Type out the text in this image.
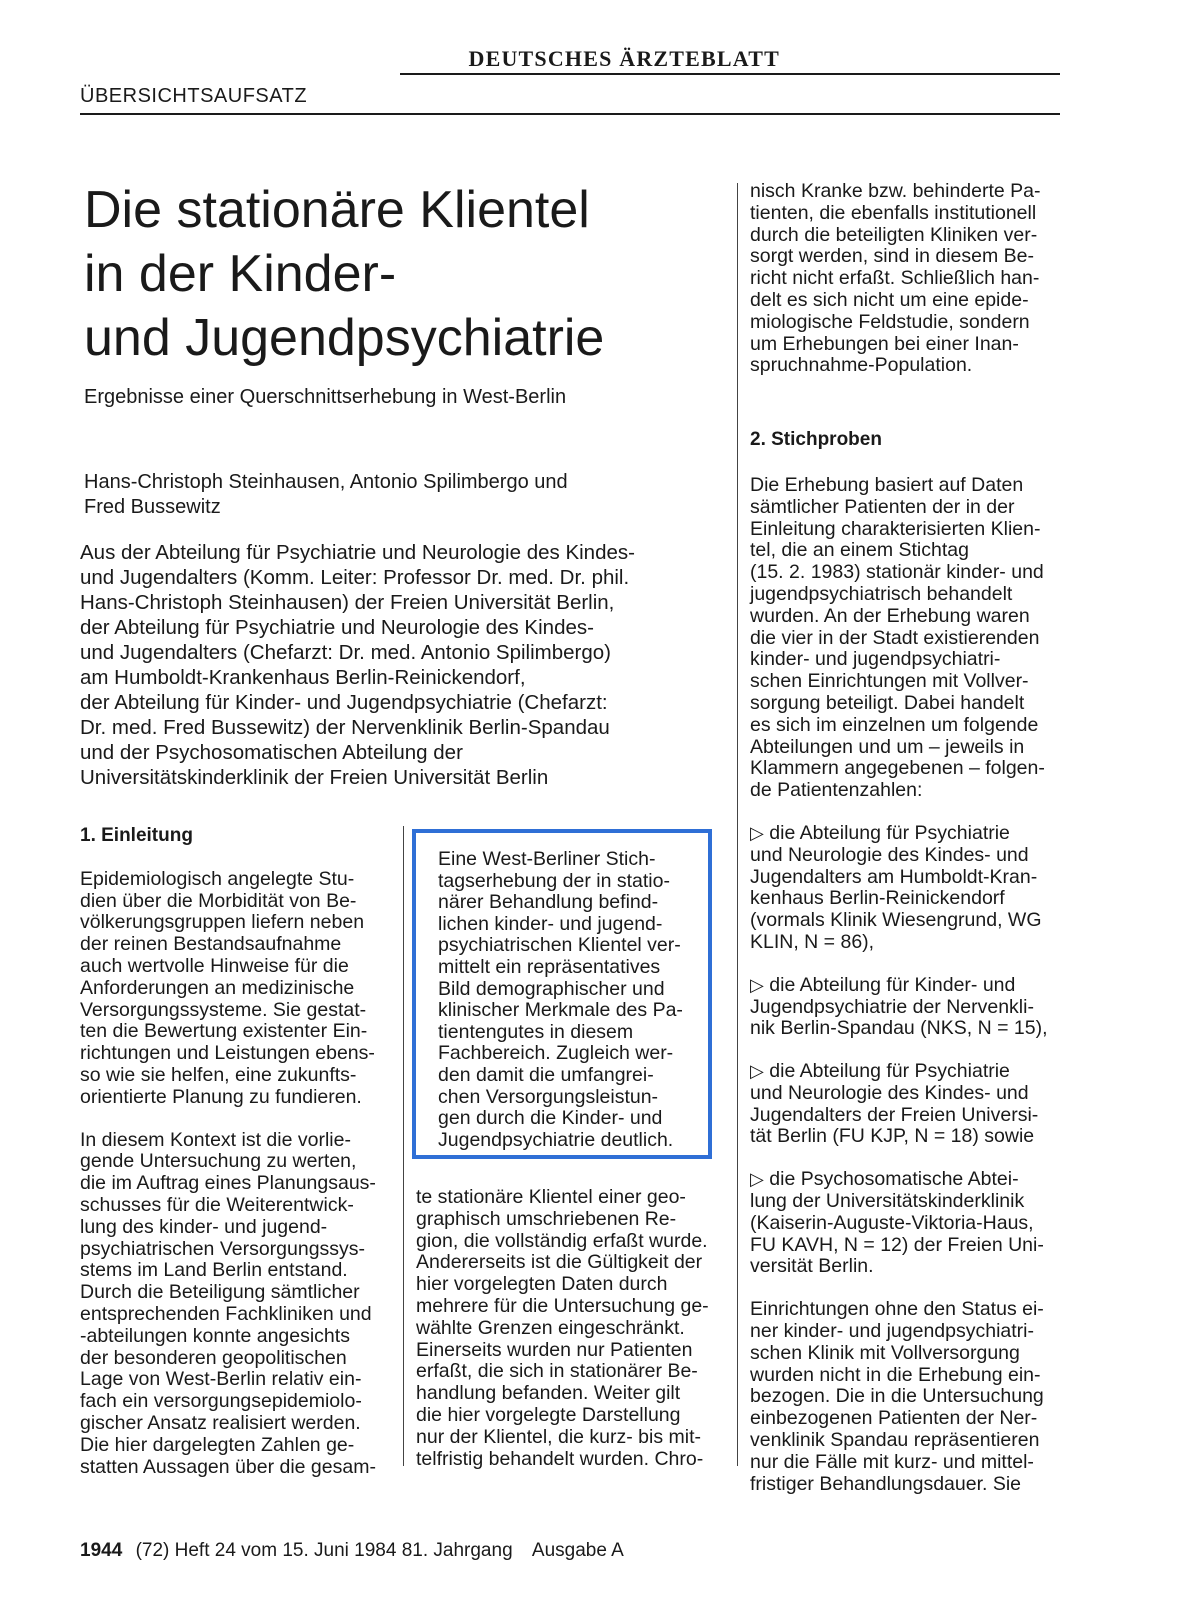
DEUTSCHES ÄRZTEBLATT
ÜBERSICHTSAUFSATZ
Die stationäre Klientel
in der Kinder-
und Jugendpsychiatrie
Ergebnisse einer Querschnittserhebung in West-Berlin
Hans-Christoph Steinhausen, Antonio Spilimbergo und
Fred Bussewitz
Aus der Abteilung für Psychiatrie und Neurologie des Kindes-
und Jugendalters (Komm. Leiter: Professor Dr. med. Dr. phil.
Hans-Christoph Steinhausen) der Freien Universität Berlin,
der Abteilung für Psychiatrie und Neurologie des Kindes-
und Jugendalters (Chefarzt: Dr. med. Antonio Spilimbergo)
am Humboldt-Krankenhaus Berlin-Reinickendorf,
der Abteilung für Kinder- und Jugendpsychiatrie (Chefarzt:
Dr. med. Fred Bussewitz) der Nervenklinik Berlin-Spandau
und der Psychosomatischen Abteilung der
Universitätskinderklinik der Freien Universität Berlin
1. Einleitung

Epidemiologisch angelegte Stu-
dien über die Morbidität von Be-
völkerungsgruppen liefern neben
der reinen Bestandsaufnahme
auch wertvolle Hinweise für die
Anforderungen an medizinische
Versorgungssysteme. Sie gestat-
ten die Bewertung existenter Ein-
richtungen und Leistungen ebens-
so wie sie helfen, eine zukunfts-
orientierte Planung zu fundieren.

In diesem Kontext ist die vorlie-
gende Untersuchung zu werten,
die im Auftrag eines Planungsaus-
schusses für die Weiterentwick-
lung des kinder- und jugend-
psychiatrischen Versorgungssys-
stems im Land Berlin entstand.
Durch die Beteiligung sämtlicher
entsprechenden Fachkliniken und
-abteilungen konnte angesichts
der besonderen geopolitischen
Lage von West-Berlin relativ ein-
fach ein versorgungsepidemiolo-
gischer Ansatz realisiert werden.
Die hier dargelegten Zahlen ge-
statten Aussagen über die gesam-

Eine West-Berliner Stich-
tagserhebung der in statio-
närer Behandlung befind-
lichen kinder- und jugend-
psychiatrischen Klientel ver-
mittelt ein repräsentatives
Bild demographischer und
klinischer Merkmale des Pa-
tientengutes in diesem
Fachbereich. Zugleich wer-
den damit die umfangrei-
chen Versorgungsleistun-
gen durch die Kinder- und
Jugendpsychiatrie deutlich.

te stationäre Klientel einer geo-
graphisch umschriebenen Re-
gion, die vollständig erfaßt wurde.
Andererseits ist die Gültigkeit der
hier vorgelegten Daten durch
mehrere für die Untersuchung ge-
wählte Grenzen eingeschränkt.
Einerseits wurden nur Patienten
erfaßt, die sich in stationärer Be-
handlung befanden. Weiter gilt
die hier vorgelegte Darstellung
nur der Klientel, die kurz- bis mit-
telfristig behandelt wurden. Chro-

nisch Kranke bzw. behinderte Pa-
tienten, die ebenfalls institutionell
durch die beteiligten Kliniken ver-
sorgt werden, sind in diesem Be-
richt nicht erfaßt. Schließlich han-
delt es sich nicht um eine epide-
miologische Feldstudie, sondern
um Erhebungen bei einer Inan-
spruchnahme-Population.

2. Stichproben

Die Erhebung basiert auf Daten
sämtlicher Patienten der in der
Einleitung charakterisierten Klien-
tel, die an einem Stichtag
(15. 2. 1983) stationär kinder- und
jugendpsychiatrisch behandelt
wurden. An der Erhebung waren
die vier in der Stadt existierenden
kinder- und jugendpsychiatri-
schen Einrichtungen mit Vollver-
sorgung beteiligt. Dabei handelt
es sich im einzelnen um folgende
Abteilungen und um – jeweils in
Klammern angegebenen – folgen-
de Patientenzahlen:

▷ die Abteilung für Psychiatrie
und Neurologie des Kindes- und
Jugendalters am Humboldt-Kran-
kenhaus Berlin-Reinickendorf
(vormals Klinik Wiesengrund, WG
KLIN, N = 86),

▷ die Abteilung für Kinder- und
Jugendpsychiatrie der Nervenkli-
nik Berlin-Spandau (NKS, N = 15),

▷ die Abteilung für Psychiatrie
und Neurologie des Kindes- und
Jugendalters der Freien Universi-
tät Berlin (FU KJP, N = 18) sowie

▷ die Psychosomatische Abtei-
lung der Universitätskinderklinik
(Kaiserin-Auguste-Viktoria-Haus,
FU KAVH, N = 12) der Freien Uni-
versität Berlin.

Einrichtungen ohne den Status ei-
ner kinder- und jugendpsychiatri-
schen Klinik mit Vollversorgung
wurden nicht in die Erhebung ein-
bezogen. Die in die Untersuchung
einbezogenen Patienten der Ner-
venklinik Spandau repräsentieren
nur die Fälle mit kurz- und mittel-
fristiger Behandlungsdauer. Sie

1944 (72) Heft 24 vom 15. Juni 1984 81. Jahrgang Ausgabe A
